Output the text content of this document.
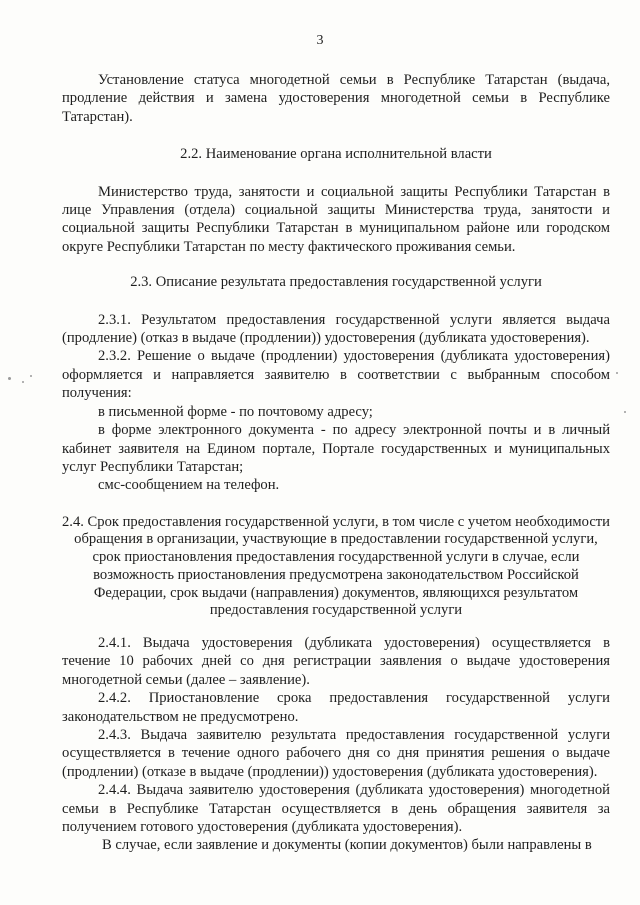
3

Установление статуса многодетной семьи в Республике Татарстан (выдача, продление действия и замена удостоверения многодетной семьи в Республике Татарстан).

2.2. Наименование органа исполнительной власти

Министерство труда, занятости и социальной защиты Республики Татарстан в лице Управления (отдела) социальной защиты Министерства труда, занятости и социальной защиты Республики Татарстан в муниципальном районе или городском округе Республики Татарстан по месту фактического проживания семьи.

2.3. Описание результата предоставления государственной услуги

2.3.1. Результатом предоставления государственной услуги является выдача (продление) (отказ в выдаче (продлении)) удостоверения (дубликата удостоверения).

2.3.2. Решение о выдаче (продлении) удостоверения (дубликата удостоверения) оформляется и направляется заявителю в соответствии с выбранным способом получения:

в письменной форме - по почтовому адресу;

в форме электронного документа - по адресу электронной почты и в личный кабинет заявителя на Едином портале, Портале государственных и муниципальных услуг Республики Татарстан;

смс-сообщением на телефон.

2.4. Срок предоставления государственной услуги, в том числе с учетом необходимости обращения в организации, участвующие в предоставлении государственной услуги, срок приостановления предоставления государственной услуги в случае, если возможность приостановления предусмотрена законодательством Российской Федерации, срок выдачи (направления) документов, являющихся результатом предоставления государственной услуги

2.4.1. Выдача удостоверения (дубликата удостоверения) осуществляется в течение 10 рабочих дней со дня регистрации заявления о выдаче удостоверения многодетной семьи (далее – заявление).

2.4.2. Приостановление срока предоставления государственной услуги законодательством не предусмотрено.

2.4.3. Выдача заявителю результата предоставления государственной услуги осуществляется в течение одного рабочего дня со дня принятия решения о выдаче (продлении) (отказе в выдаче (продлении)) удостоверения (дубликата удостоверения).

2.4.4. Выдача заявителю удостоверения (дубликата удостоверения) многодетной семьи в Республике Татарстан осуществляется в день обращения заявителя за получением готового удостоверения (дубликата удостоверения).

В случае, если заявление и документы (копии документов) были направлены в
